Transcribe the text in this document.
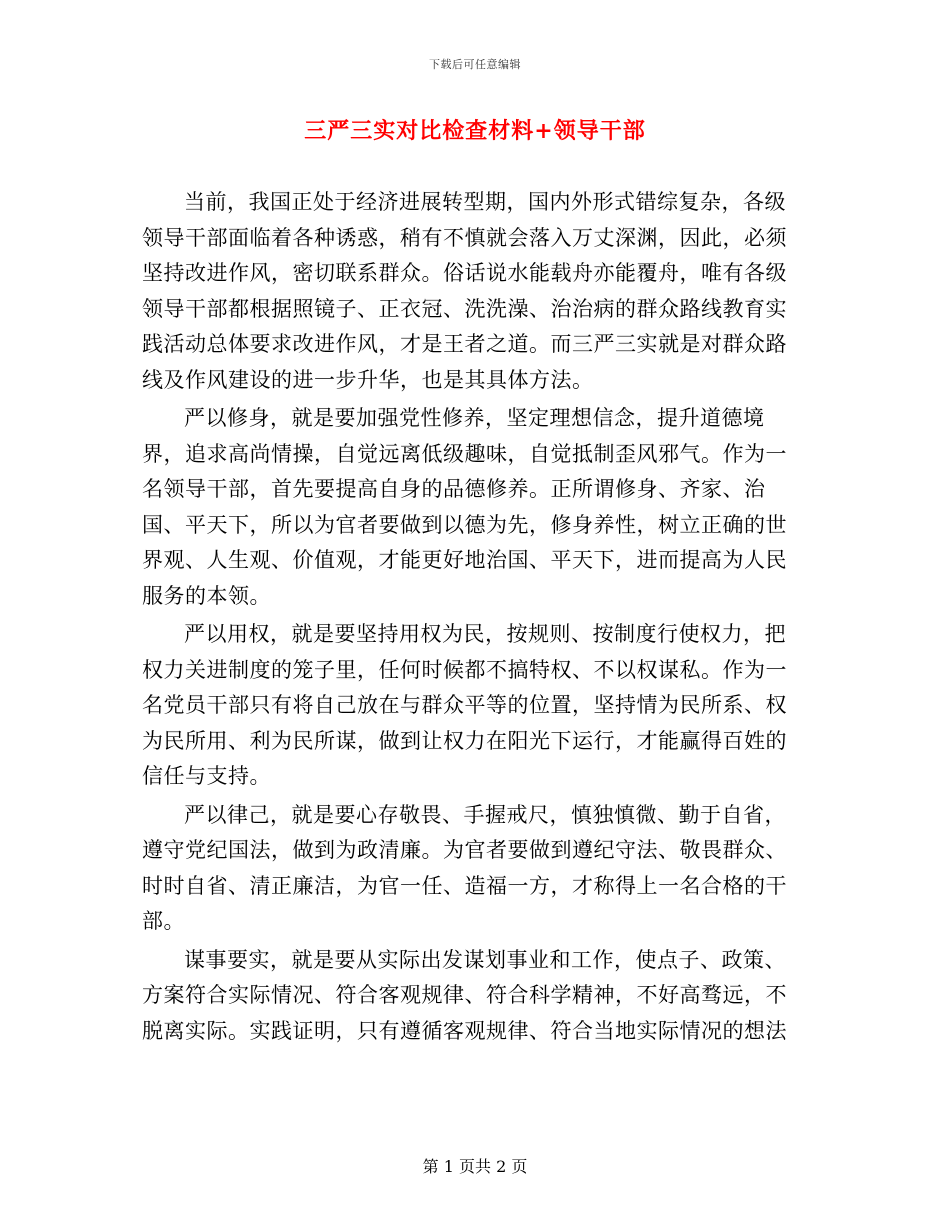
下载后可任意编辑
三严三实对比检查材料+领导干部

当前，我国正处于经济进展转型期，国内外形式错综复杂，各级领导干部面临着各种诱惑，稍有不慎就会落入万丈深渊，因此，必须坚持改进作风，密切联系群众。俗话说水能载舟亦能覆舟，唯有各级领导干部都根据照镜子、正衣冠、洗洗澡、治治病的群众路线教育实践活动总体要求改进作风，才是王者之道。而三严三实就是对群众路线及作风建设的进一步升华，也是其具体方法。

严以修身，就是要加强党性修养，坚定理想信念，提升道德境界，追求高尚情操，自觉远离低级趣味，自觉抵制歪风邪气。作为一名领导干部，首先要提高自身的品德修养。正所谓修身、齐家、治国、平天下，所以为官者要做到以德为先，修身养性，树立正确的世界观、人生观、价值观，才能更好地治国、平天下，进而提高为人民服务的本领。

严以用权，就是要坚持用权为民，按规则、按制度行使权力，把权力关进制度的笼子里，任何时候都不搞特权、不以权谋私。作为一名党员干部只有将自己放在与群众平等的位置，坚持情为民所系、权为民所用、利为民所谋，做到让权力在阳光下运行，才能赢得百姓的信任与支持。

严以律己，就是要心存敬畏、手握戒尺，慎独慎微、勤于自省，遵守党纪国法，做到为政清廉。为官者要做到遵纪守法、敬畏群众、时时自省、清正廉洁，为官一任、造福一方，才称得上一名合格的干部。

谋事要实，就是要从实际出发谋划事业和工作，使点子、政策、方案符合实际情况、符合客观规律、符合科学精神，不好高骛远，不脱离实际。实践证明，只有遵循客观规律、符合当地实际情况的想法

第 1 页共 2 页
